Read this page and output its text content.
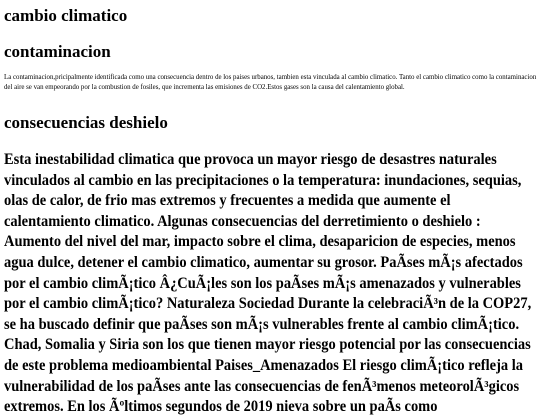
cambio climatico
contaminacion

La contaminacion,pricipalmente identificada como una consecuencia dentro de los paises urbanos, tambien esta vinculada al cambio climatico. Tanto el cambio climatico como la contaminacion del aire se van empeorando por la combustion de fosiles, que incrementa las emisiones de CO2.Estos gases son la causa del calentamiento global.

consecuencias deshielo

Esta inestabilidad climatica que provoca un mayor riesgo de desastres naturales vinculados al cambio en las precipitaciones o la temperatura: inundaciones, sequias, olas de calor, de frio mas extremos y frecuentes a medida que aumente el calentamiento climatico. Algunas consecuencias del derretimiento o deshielo : Aumento del nivel del mar, impacto sobre el clima, desaparicion de especies, menos agua dulce, detener el cambio climatico, aumentar su grosor. PaÃses mÃ¡s afectados por el cambio climÃ¡tico Â¿CuÃ¡les son los paÃses mÃ¡s amenazados y vulnerables por el cambio climÃ¡tico? Naturaleza Sociedad Durante la celebraciÃ³n de la COP27, se ha buscado definir que paÃses son mÃ¡s vulnerables frente al cambio climÃ¡tico. Chad, Somalia y Siria son los que tienen mayor riesgo potencial por las consecuencias de este problema medioambiental Paises_Amenazados El riesgo climÃ¡tico refleja la vulnerabilidad de los paÃses ante las consecuencias de fenÃ³menos meteorolÃ³gicos extremos. En los Ãºltimos segundos de 2019 nieva sobre un paÃs como
